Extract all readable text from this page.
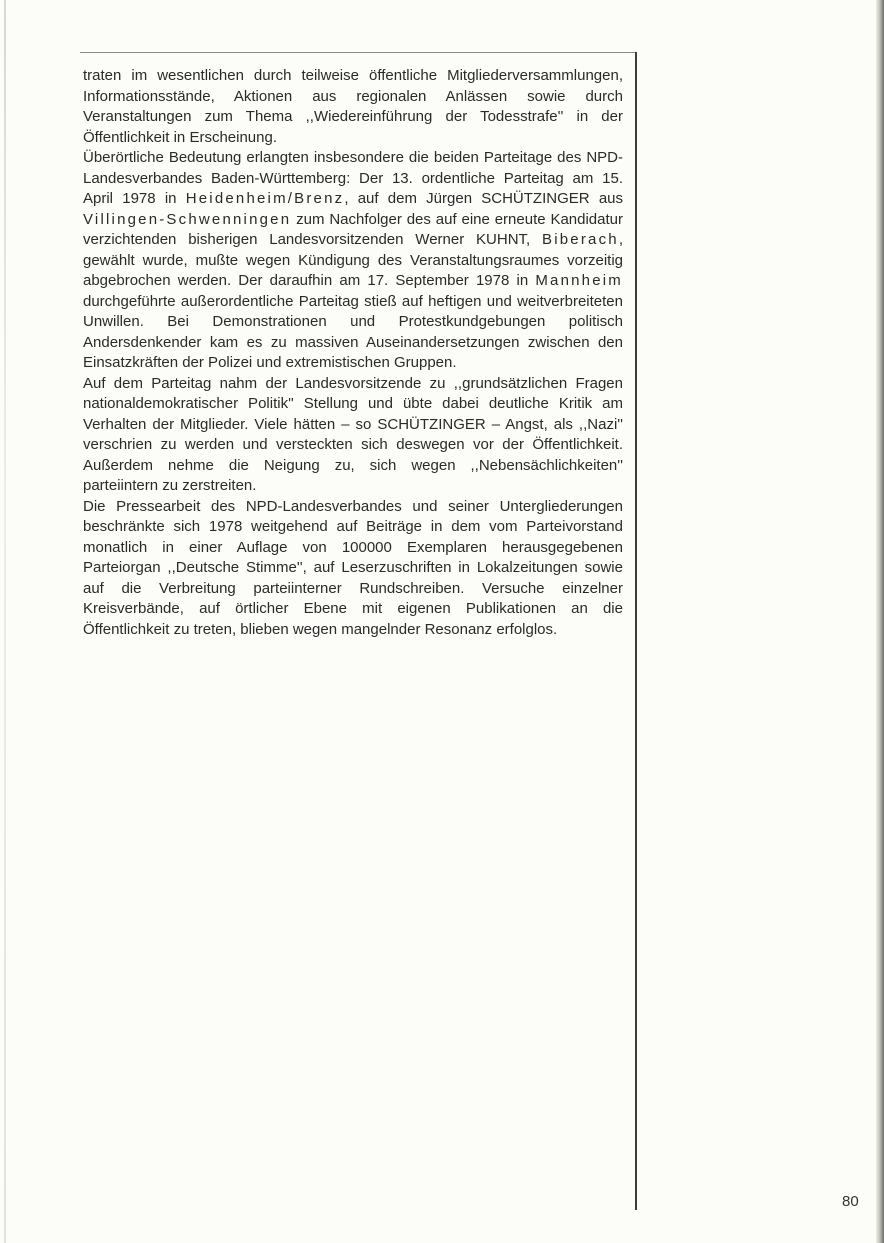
traten im wesentlichen durch teilweise öffentliche Mitgliederversammlungen, Informationsstände, Aktionen aus regionalen Anlässen sowie durch Veranstaltungen zum Thema ,,Wiedereinführung der Todesstrafe'' in der Öffentlichkeit in Erscheinung.

Überörtliche Bedeutung erlangten insbesondere die beiden Parteitage des NPD-Landesverbandes Baden-Württemberg: Der 13. ordentliche Parteitag am 15. April 1978 in Heidenheim/Brenz, auf dem Jürgen SCHÜTZINGER aus Villingen-Schwenningen zum Nachfolger des auf eine erneute Kandidatur verzichtenden bisherigen Landesvorsitzenden Werner KUHNT, Biberach, gewählt wurde, mußte wegen Kündigung des Veranstaltungsraumes vorzeitig abgebrochen werden. Der daraufhin am 17. September 1978 in Mannheim durchgeführte außerordentliche Parteitag stieß auf heftigen und weitverbreiteten Unwillen. Bei Demonstrationen und Protestkundgebungen politisch Andersdenkender kam es zu massiven Auseinandersetzungen zwischen den Einsatzkräften der Polizei und extremistischen Gruppen.

Auf dem Parteitag nahm der Landesvorsitzende zu ,,grundsätzlichen Fragen nationaldemokratischer Politik'' Stellung und übte dabei deutliche Kritik am Verhalten der Mitglieder. Viele hätten – so SCHÜTZINGER – Angst, als ,,Nazi'' verschrien zu werden und versteckten sich deswegen vor der Öffentlichkeit. Außerdem nehme die Neigung zu, sich wegen ,,Nebensächlichkeiten'' parteiintern zu zerstreiten.

Die Pressearbeit des NPD-Landesverbandes und seiner Untergliederungen beschränkte sich 1978 weitgehend auf Beiträge in dem vom Parteivorstand monatlich in einer Auflage von 100000 Exemplaren herausgegebenen Parteiorgan ,,Deutsche Stimme'', auf Leserzuschriften in Lokalzeitungen sowie auf die Verbreitung parteiinterner Rundschreiben. Versuche einzelner Kreisverbände, auf örtlicher Ebene mit eigenen Publikationen an die Öffentlichkeit zu treten, blieben wegen mangelnder Resonanz erfolglos.

80
